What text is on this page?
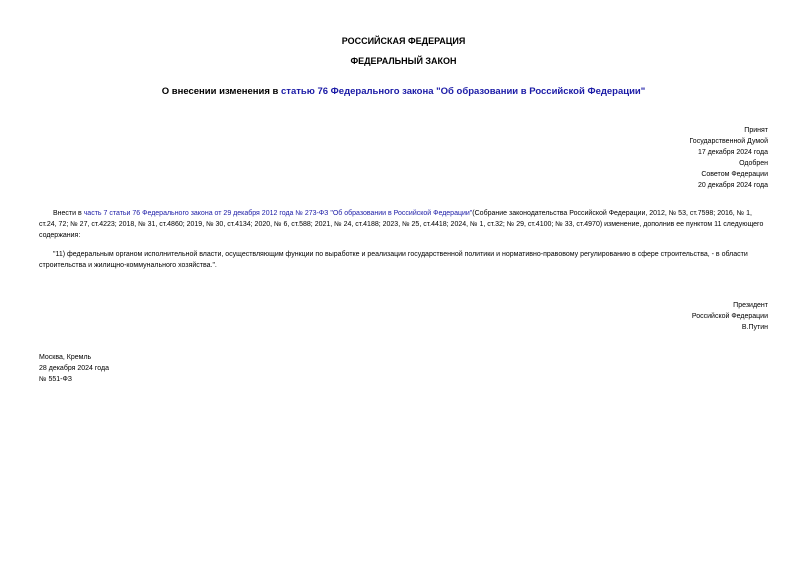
РОССИЙСКАЯ ФЕДЕРАЦИЯ
ФЕДЕРАЛЬНЫЙ ЗАКОН
О внесении изменения в статью 76 Федерального закона "Об образовании в Российской Федерации"
Принят
Государственной Думой
17 декабря 2024 года
Одобрен
Советом Федерации
20 декабря 2024 года
Внести в часть 7 статьи 76 Федерального закона от 29 декабря 2012 года № 273-ФЗ "Об образовании в Российской Федерации"(Собрание законодательства Российской Федерации, 2012, № 53, ст.7598; 2016, № 1, ст.24, 72; № 27, ст.4223; 2018, № 31, ст.4860; 2019, № 30, ст.4134; 2020, № 6, ст.588; 2021, № 24, ст.4188; 2023, № 25, ст.4418; 2024, № 1, ст.32; № 29, ст.4100; № 33, ст.4970) изменение, дополнив ее пунктом 11 следующего содержания:
"11) федеральным органом исполнительной власти, осуществляющим функции по выработке и реализации государственной политики и нормативно-правовому регулированию в сфере строительства, - в области строительства и жилищно-коммунального хозяйства.".
Президент
Российской Федерации
В.Путин
Москва, Кремль
28 декабря 2024 года
№ 551-ФЗ
